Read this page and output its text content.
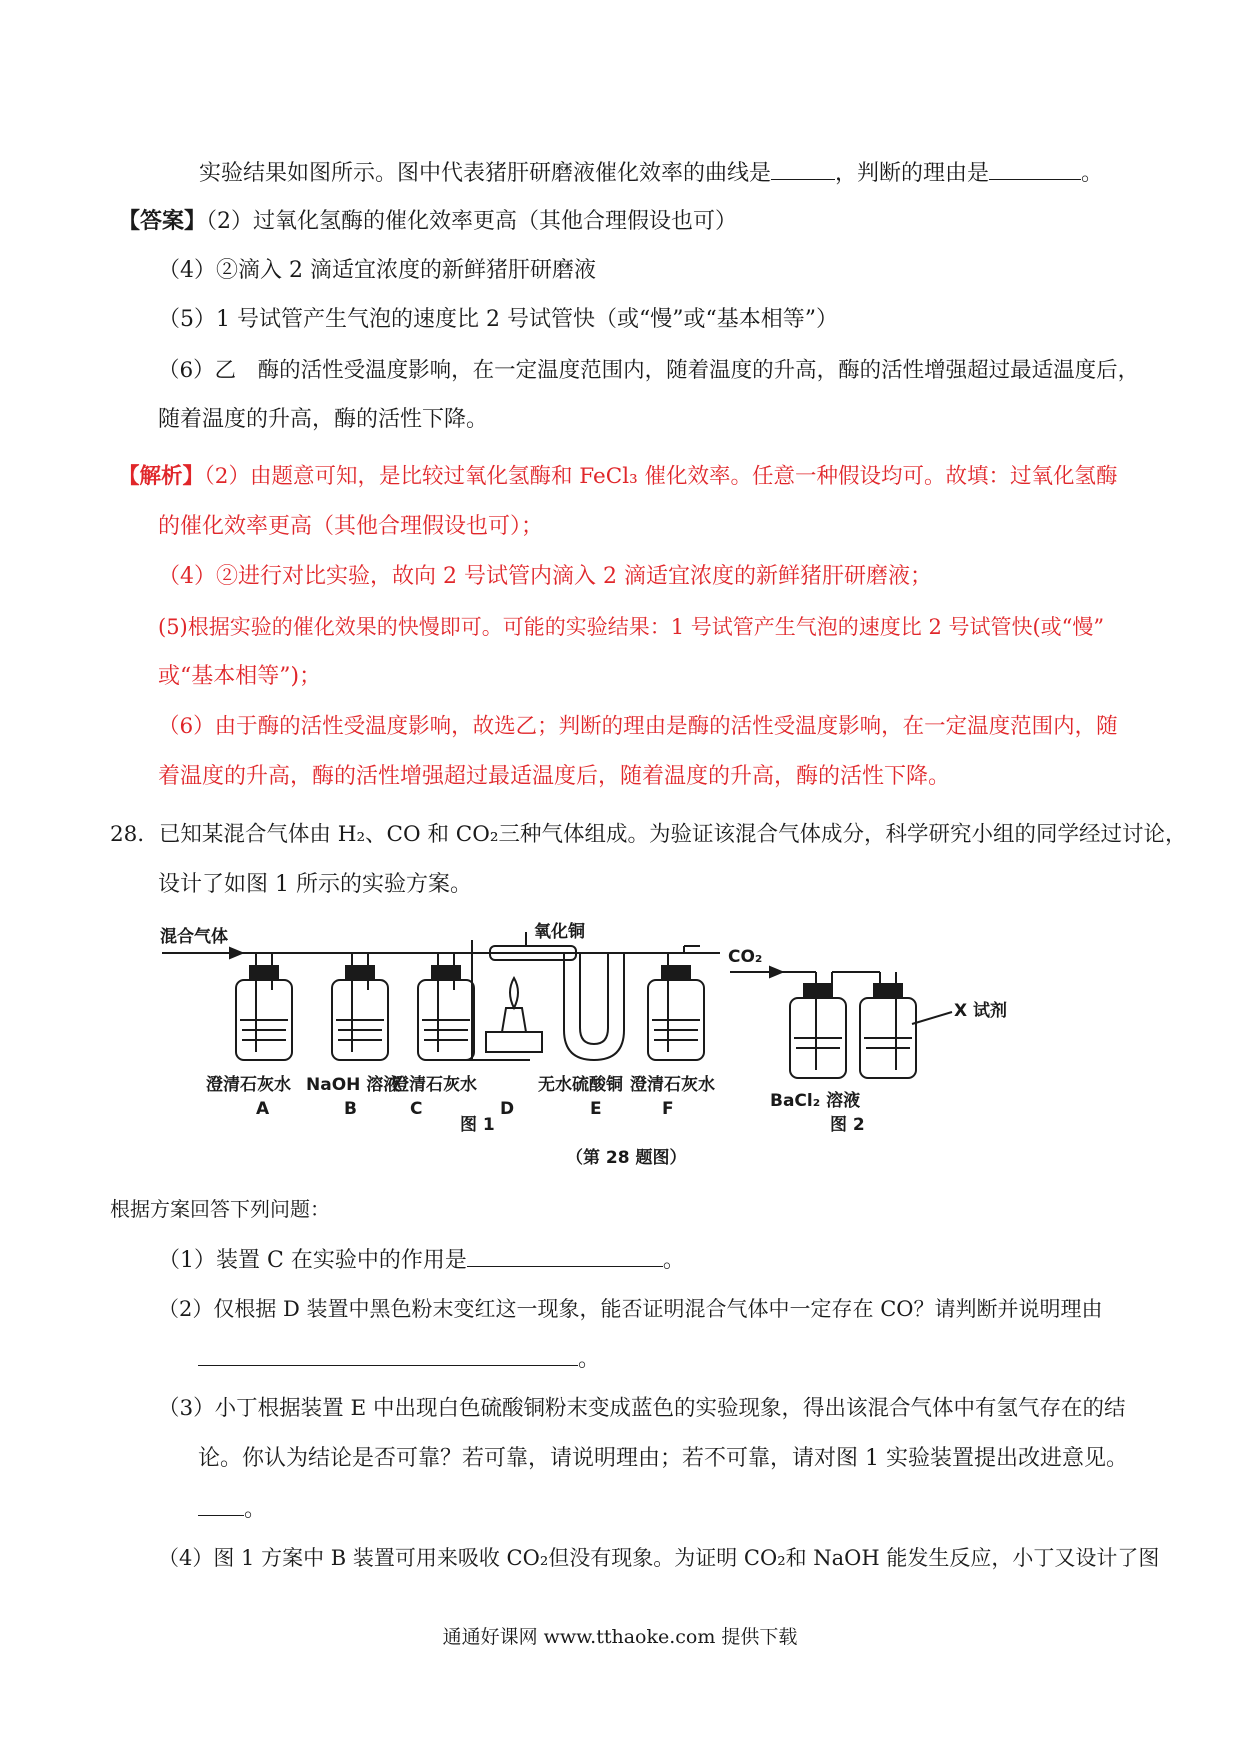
实验结果如图所示。图中代表猪肝研磨液催化效率的曲线是	，判断的理由是	。
【答案】（2）过氧化氢酶的催化效率更高（其他合理假设也可）
（4）②滴入 2 滴适宜浓度的新鲜猪肝研磨液
（5）1 号试管产生气泡的速度比 2 号试管快（或“慢”或“基本相等”）
（6）乙　酶的活性受温度影响，在一定温度范围内，随着温度的升高，酶的活性增强超过最适温度后，
随着温度的升高，酶的活性下降。
【解析】（2）由题意可知，是比较过氧化氢酶和 FeCl₃ 催化效率。任意一种假设均可。故填：过氧化氢酶
的催化效率更高（其他合理假设也可）；
（4）②进行对比实验，故向 2 号试管内滴入 2 滴适宜浓度的新鲜猪肝研磨液；
(5)根据实验的催化效果的快慢即可。可能的实验结果：1 号试管产生气泡的速度比 2 号试管快(或“慢”
或“基本相等”)；
（6）由于酶的活性受温度影响，故选乙；判断的理由是酶的活性受温度影响，在一定温度范围内，随
着温度的升高，酶的活性增强超过最适温度后，随着温度的升高，酶的活性下降。
28．已知某混合气体由 H₂、CO 和 CO₂三种气体组成。为验证该混合气体成分，科学研究小组的同学经过讨论，
设计了如图 1 所示的实验方案。
混合气体	氧化铜
CO₂
X 试剂
澄清石灰水 NaOH 溶液
澄清石灰水	无水硫酸铜 澄清石灰水
A	B	C	D	E	F
图 1
BaCl₂ 溶液
图 2
（第 28 题图）
根据方案回答下列问题：
（1）装置 C 在实验中的作用是	。
（2）仅根据 D 装置中黑色粉末变红这一现象，能否证明混合气体中一定存在 CO？请判断并说明理由
。
（3）小丁根据装置 E 中出现白色硫酸铜粉末变成蓝色的实验现象，得出该混合气体中有氢气存在的结
论。你认为结论是否可靠？若可靠，请说明理由；若不可靠，请对图 1 实验装置提出改进意见。
。
（4）图 1 方案中 B 装置可用来吸收 CO₂但没有现象。为证明 CO₂和 NaOH 能发生反应，小丁又设计了图
通通好课网 www.tthaoke.com 提供下载
